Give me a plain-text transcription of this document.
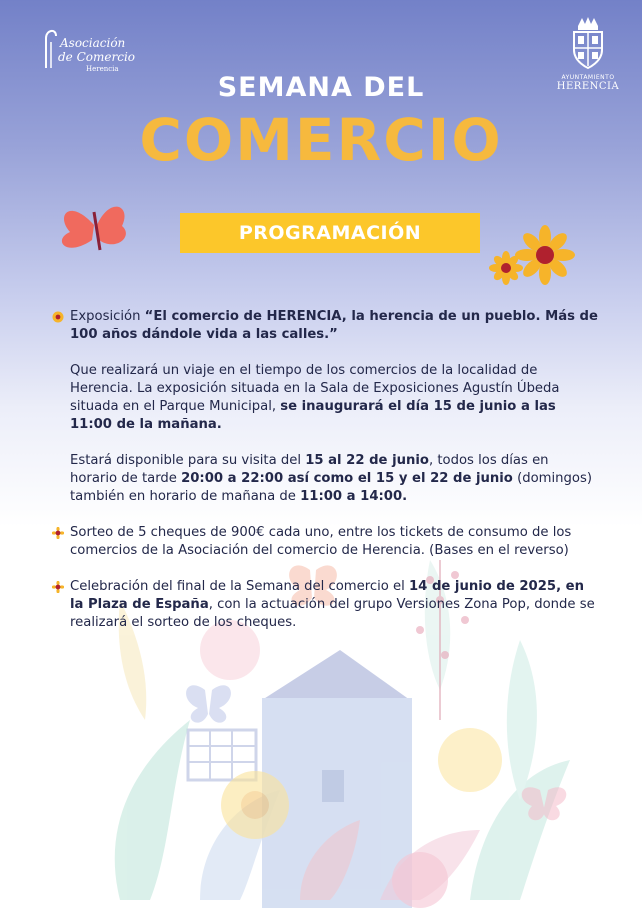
Asociación
de Comercio
Herencia
AYUNTAMIENTO
HERENCIA
SEMANA DEL
COMERCIO
PROGRAMACIÓN

Exposición “El comercio de HERENCIA, la herencia de un pueblo. Más de 100 años dándole vida a las calles.”

Que realizará un viaje en el tiempo de los comercios de la localidad de Herencia. La exposición situada en la Sala de Exposiciones Agustín Úbeda situada en el Parque Municipal, se inaugurará el día 15 de junio a las 11:00 de la mañana.

Estará disponible para su visita del 15 al 22 de junio, todos los días en horario de tarde 20:00 a 22:00 así como el 15 y el 22 de junio (domingos) también en horario de mañana de 11:00 a 14:00.

Sorteo de 5 cheques de 900€ cada uno, entre los tickets de consumo de los comercios de la Asociación del comercio de Herencia. (Bases en el reverso)

Celebración del final de la Semana del comercio el 14 de junio de 2025, en la Plaza de España, con la actuación del grupo Versiones Zona Pop, donde se realizará el sorteo de los cheques.
